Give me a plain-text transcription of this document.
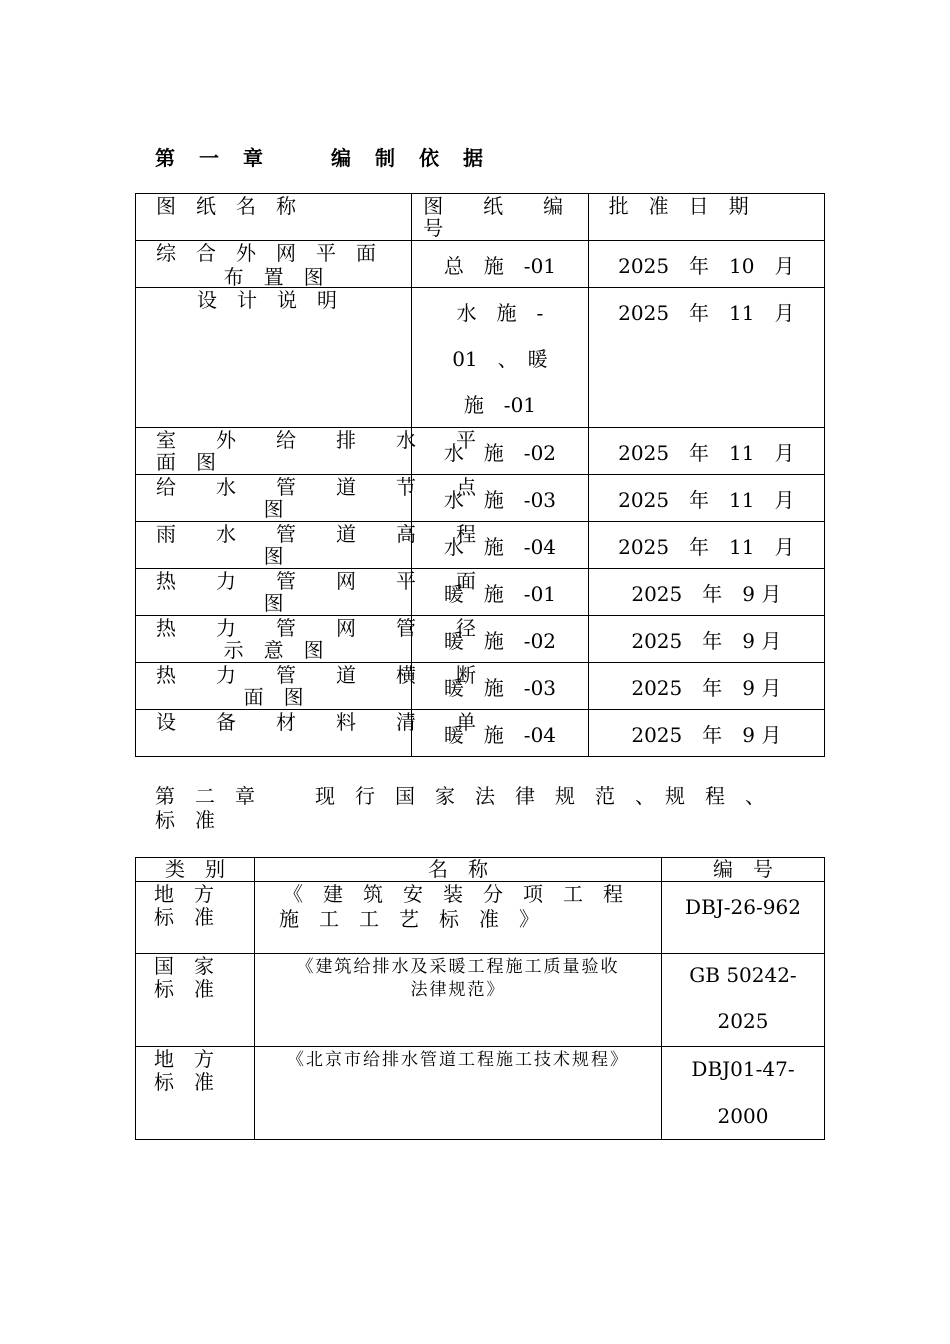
第　一　章　　　编　制　依　据
图　纸　名　称	图　　纸　　编
号	批　准　日　期

综　合　外　网　平　面
布　置　图	总　施　-01	2025　年　10　月

设　计　说　明	水　施　-
01　、　暖
施　-01	2025　年　11　月

室　　外　　给　　排　　水　　平
面　图	水　施　-02	2025　年　11　月

给　　水　　管　　道　　节　　点
图	水　施　-03	2025　年　11　月

雨　　水　　管　　道　　高　　程
图	水　施　-04	2025　年　11　月

热　　力　　管　　网　　平　　面
图	暖　施　-01	2025　年　9 月

热　　力　　管　　网　　管　　径
示　意　图	暖　施　-02	2025　年　9 月

热　　力　　管　　道　　横　　断
面　图	暖　施　-03	2025　年　9 月

设　　备　　材　　料　　清　　单	暖　施　-04	2025　年　9 月
第　二　章　　　现　行　国　家　法　律　规　范　、　规　程　、
标　准
类　别	名　称	编　号

地　方
标　准	《　建　筑　安　装　分　项　工　程
施　工　工　艺　标　准　》	DBJ-26-962

国　家
标　准	《建筑给排水及采暖工程施工质量验收
法律规范》	GB 50242-
2025

地　方
标　准	《北京市给排水管道工程施工技术规程》	DBJ01-47-
2000
